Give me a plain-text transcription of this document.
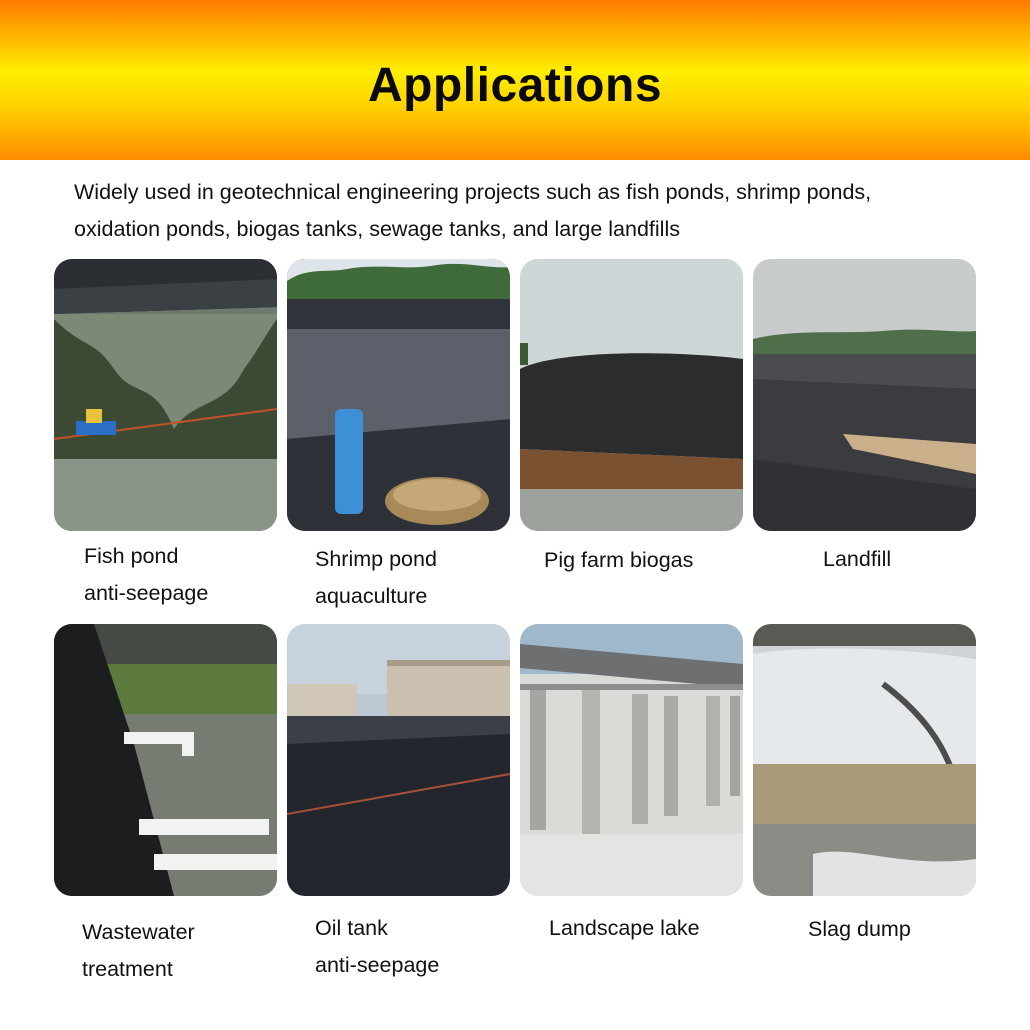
Applications
Widely used in geotechnical engineering projects such as fish ponds, shrimp ponds,
oxidation ponds, biogas tanks, sewage tanks, and large landfills
Fish pond
anti-seepage
Shrimp pond
aquaculture
Pig farm biogas	Landfill
Wastewater
treatment
Oil tank
anti-seepage
Landscape lake	Slag dump
